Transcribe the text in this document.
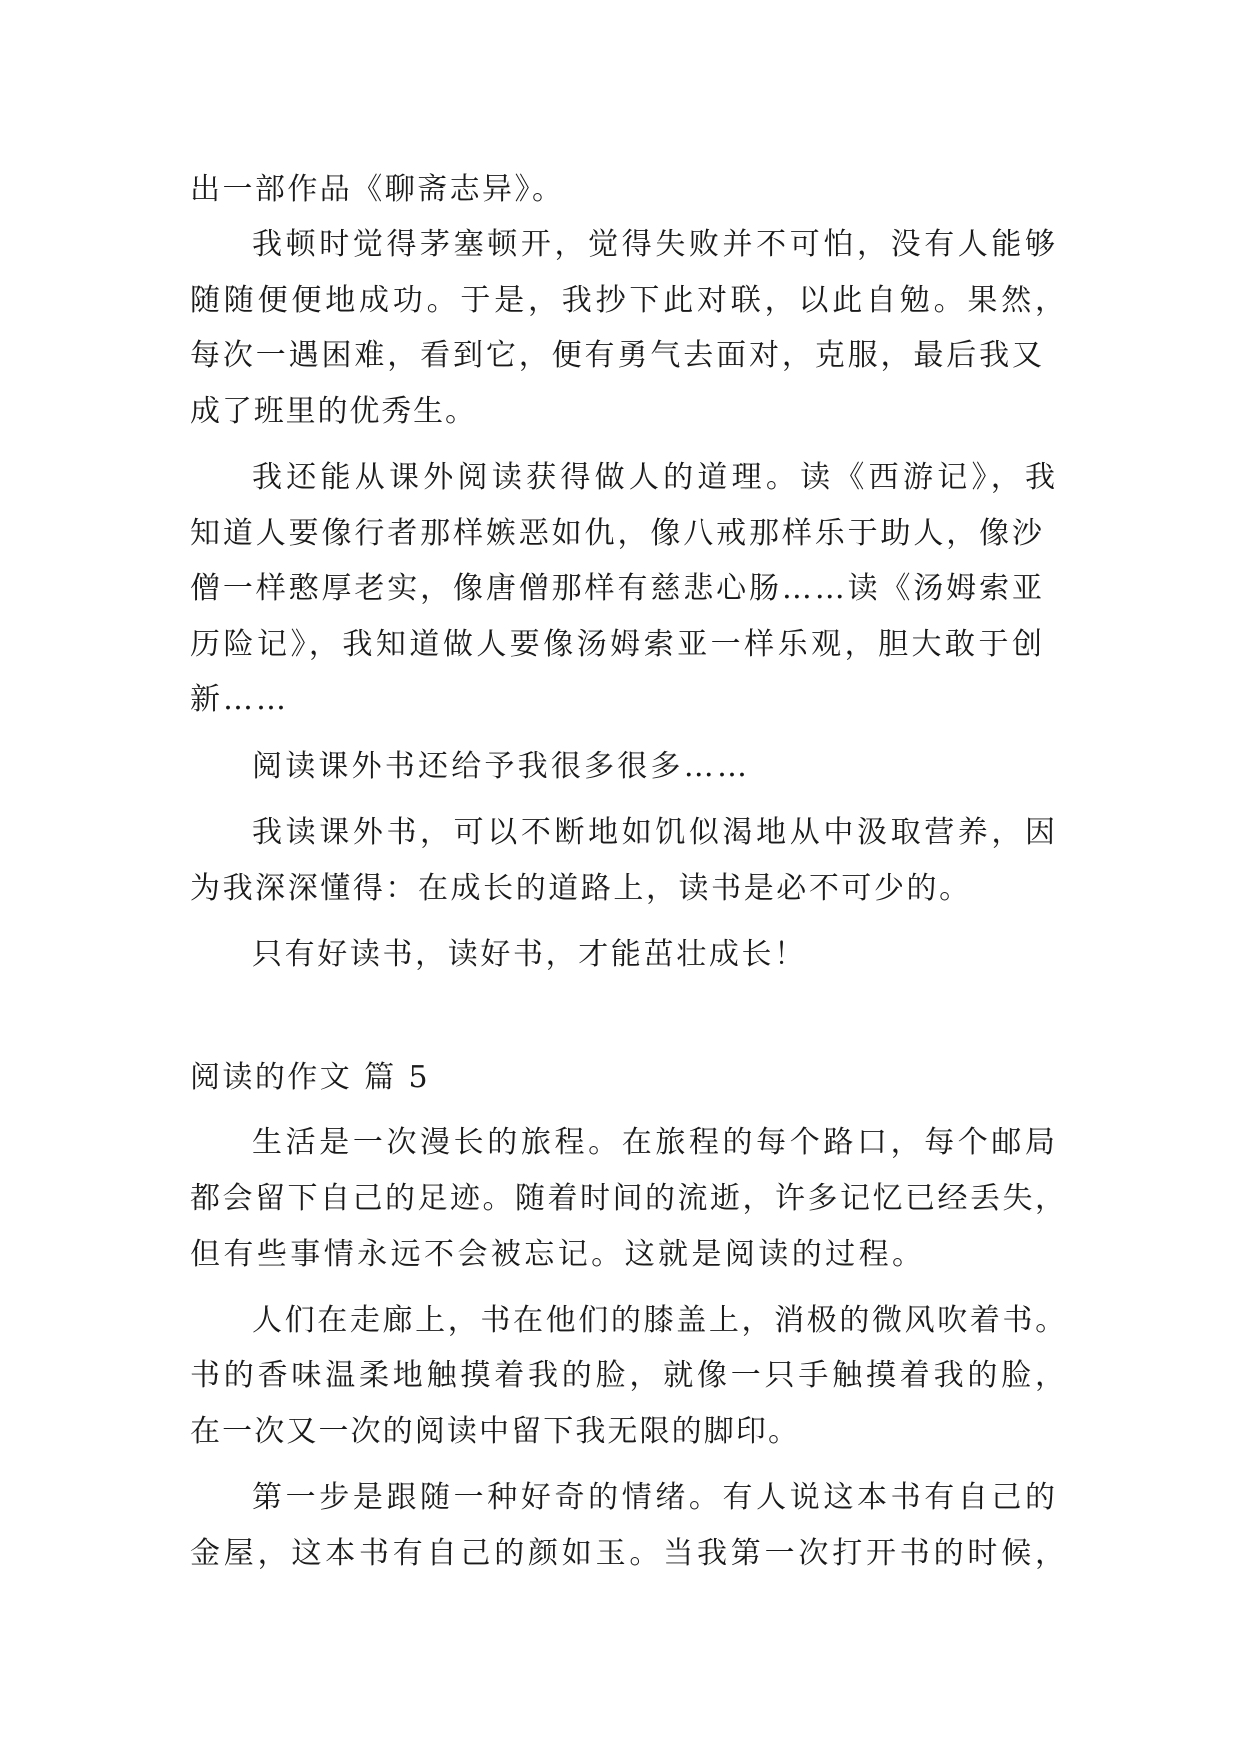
出一部作品《聊斋志异》。
我顿时觉得茅塞顿开，觉得失败并不可怕，没有人能够
随随便便地成功。于是，我抄下此对联，以此自勉。果然，
每次一遇困难，看到它，便有勇气去面对，克服，最后我又
成了班里的优秀生。
我还能从课外阅读获得做人的道理。读《西游记》，我
知道人要像行者那样嫉恶如仇，像八戒那样乐于助人，像沙
僧一样憨厚老实，像唐僧那样有慈悲心肠……读《汤姆索亚
历险记》，我知道做人要像汤姆索亚一样乐观，胆大敢于创
新……
阅读课外书还给予我很多很多……
我读课外书，可以不断地如饥似渴地从中汲取营养，因
为我深深懂得：在成长的道路上，读书是必不可少的。
只有好读书，读好书，才能茁壮成长！
阅读的作文 篇 5
生活是一次漫长的旅程。在旅程的每个路口，每个邮局
都会留下自己的足迹。随着时间的流逝，许多记忆已经丢失，
但有些事情永远不会被忘记。这就是阅读的过程。
人们在走廊上，书在他们的膝盖上，消极的微风吹着书。
书的香味温柔地触摸着我的脸，就像一只手触摸着我的脸，
在一次又一次的阅读中留下我无限的脚印。
第一步是跟随一种好奇的情绪。有人说这本书有自己的
金屋，这本书有自己的颜如玉。当我第一次打开书的时候，
